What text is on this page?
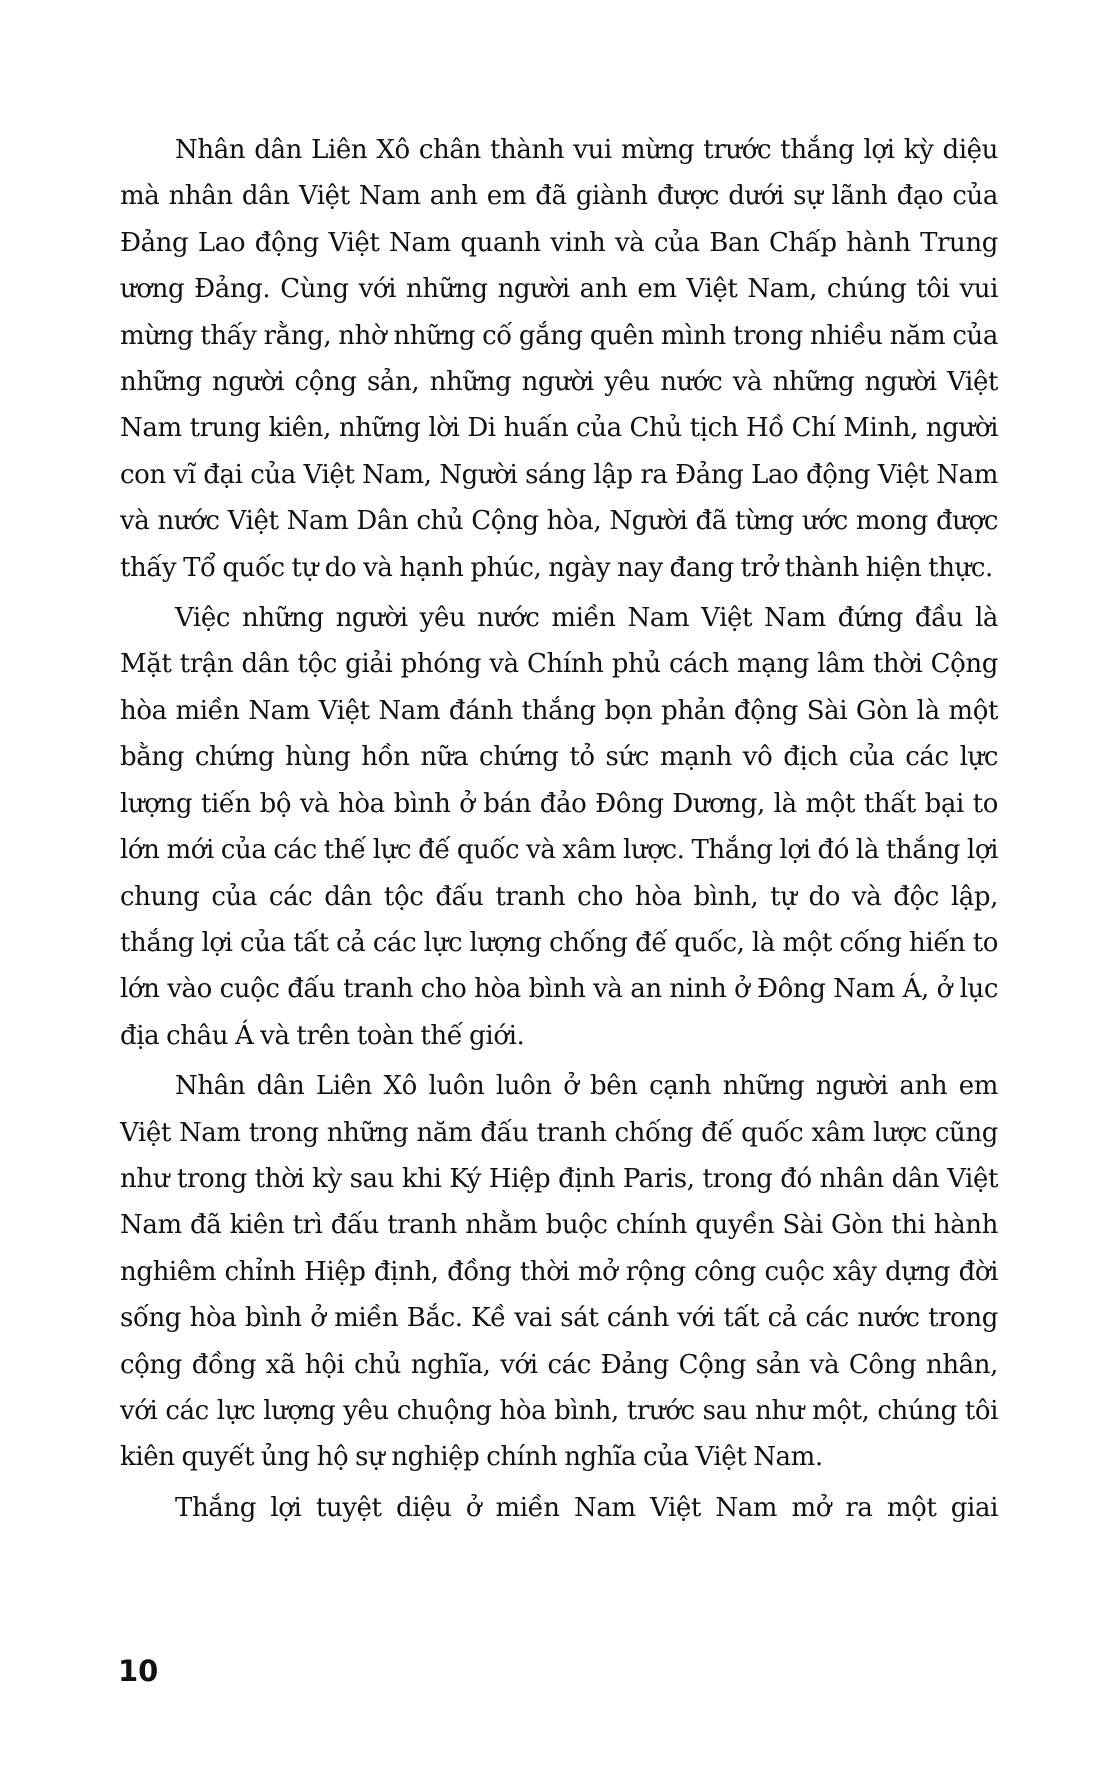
Nhân dân Liên Xô chân thành vui mừng trước thắng lợi kỳ diệu mà nhân dân Việt Nam anh em đã giành được dưới sự lãnh đạo của Đảng Lao động Việt Nam quanh vinh và của Ban Chấp hành Trung ương Đảng. Cùng với những người anh em Việt Nam, chúng tôi vui mừng thấy rằng, nhờ những cố gắng quên mình trong nhiều năm của những người cộng sản, những người yêu nước và những người Việt Nam trung kiên, những lời Di huấn của Chủ tịch Hồ Chí Minh, người con vĩ đại của Việt Nam, Người sáng lập ra Đảng Lao động Việt Nam và nước Việt Nam Dân chủ Cộng hòa, Người đã từng ước mong được thấy Tổ quốc tự do và hạnh phúc, ngày nay đang trở thành hiện thực.

Việc những người yêu nước miền Nam Việt Nam đứng đầu là Mặt trận dân tộc giải phóng và Chính phủ cách mạng lâm thời Cộng hòa miền Nam Việt Nam đánh thắng bọn phản động Sài Gòn là một bằng chứng hùng hồn nữa chứng tỏ sức mạnh vô địch của các lực lượng tiến bộ và hòa bình ở bán đảo Đông Dương, là một thất bại to lớn mới của các thế lực đế quốc và xâm lược. Thắng lợi đó là thắng lợi chung của các dân tộc đấu tranh cho hòa bình, tự do và độc lập, thắng lợi của tất cả các lực lượng chống đế quốc, là một cống hiến to lớn vào cuộc đấu tranh cho hòa bình và an ninh ở Đông Nam Á, ở lục địa châu Á và trên toàn thế giới.

Nhân dân Liên Xô luôn luôn ở bên cạnh những người anh em Việt Nam trong những năm đấu tranh chống đế quốc xâm lược cũng như trong thời kỳ sau khi Ký Hiệp định Paris, trong đó nhân dân Việt Nam đã kiên trì đấu tranh nhằm buộc chính quyền Sài Gòn thi hành nghiêm chỉnh Hiệp định, đồng thời mở rộng công cuộc xây dựng đời sống hòa bình ở miền Bắc. Kề vai sát cánh với tất cả các nước trong cộng đồng xã hội chủ nghĩa, với các Đảng Cộng sản và Công nhân, với các lực lượng yêu chuộng hòa bình, trước sau như một, chúng tôi kiên quyết ủng hộ sự nghiệp chính nghĩa của Việt Nam.

Thắng lợi tuyệt diệu ở miền Nam Việt Nam mở ra một giai

10
